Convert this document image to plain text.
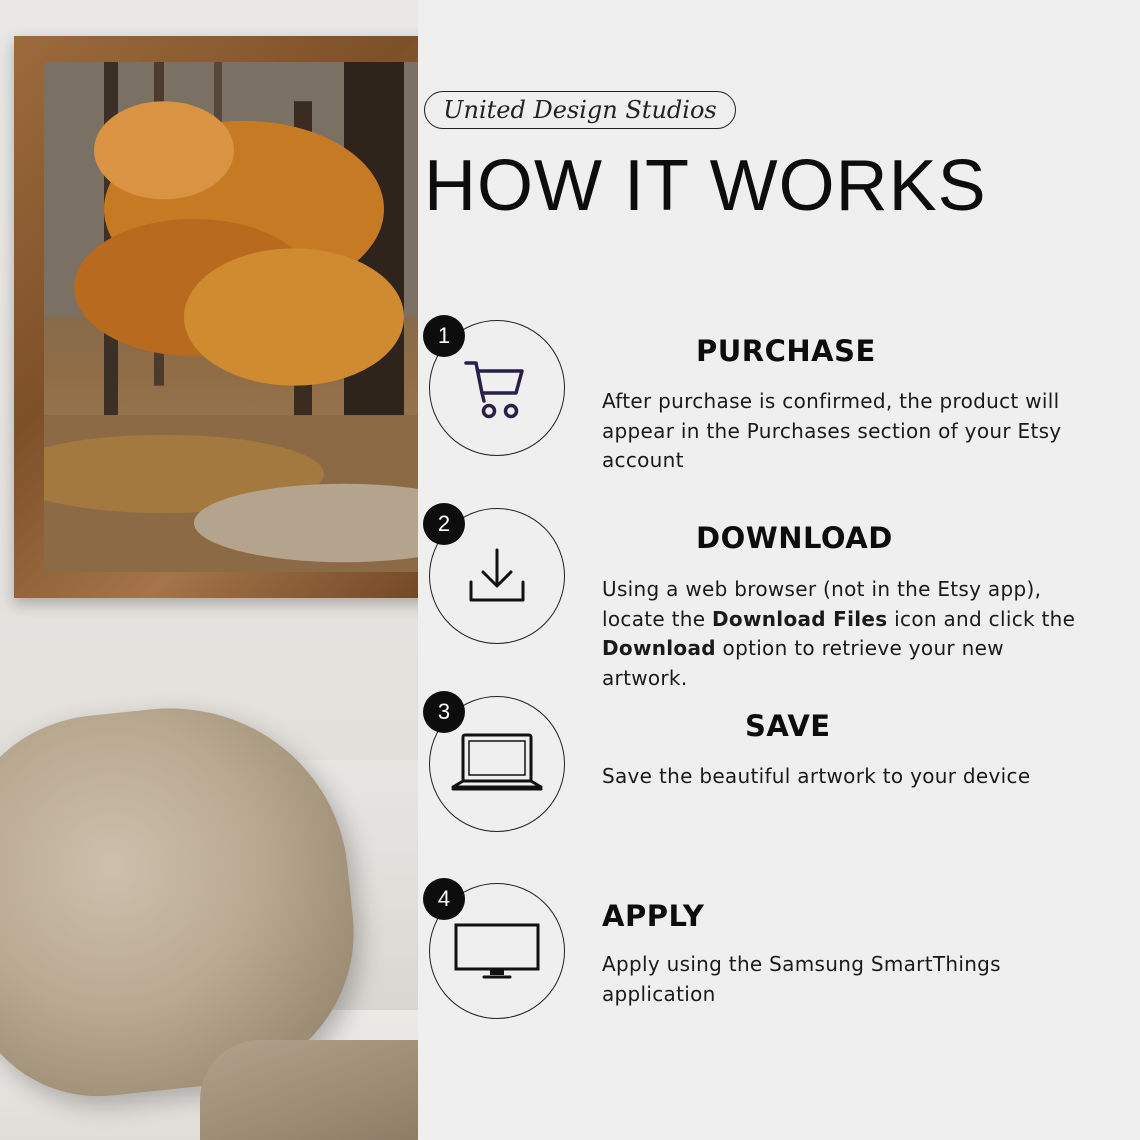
United Design Studios
HOW IT WORKS
1	PURCHASE

After purchase is confirmed, the product will appear in the Purchases section of your Etsy account

2	DOWNLOAD

Using a web browser (not in the Etsy app), locate the Download Files icon and click the Download option to retrieve your new artwork.

3	SAVE

Save the beautiful artwork to your device

4
APPLY

Apply using the Samsung SmartThings application
